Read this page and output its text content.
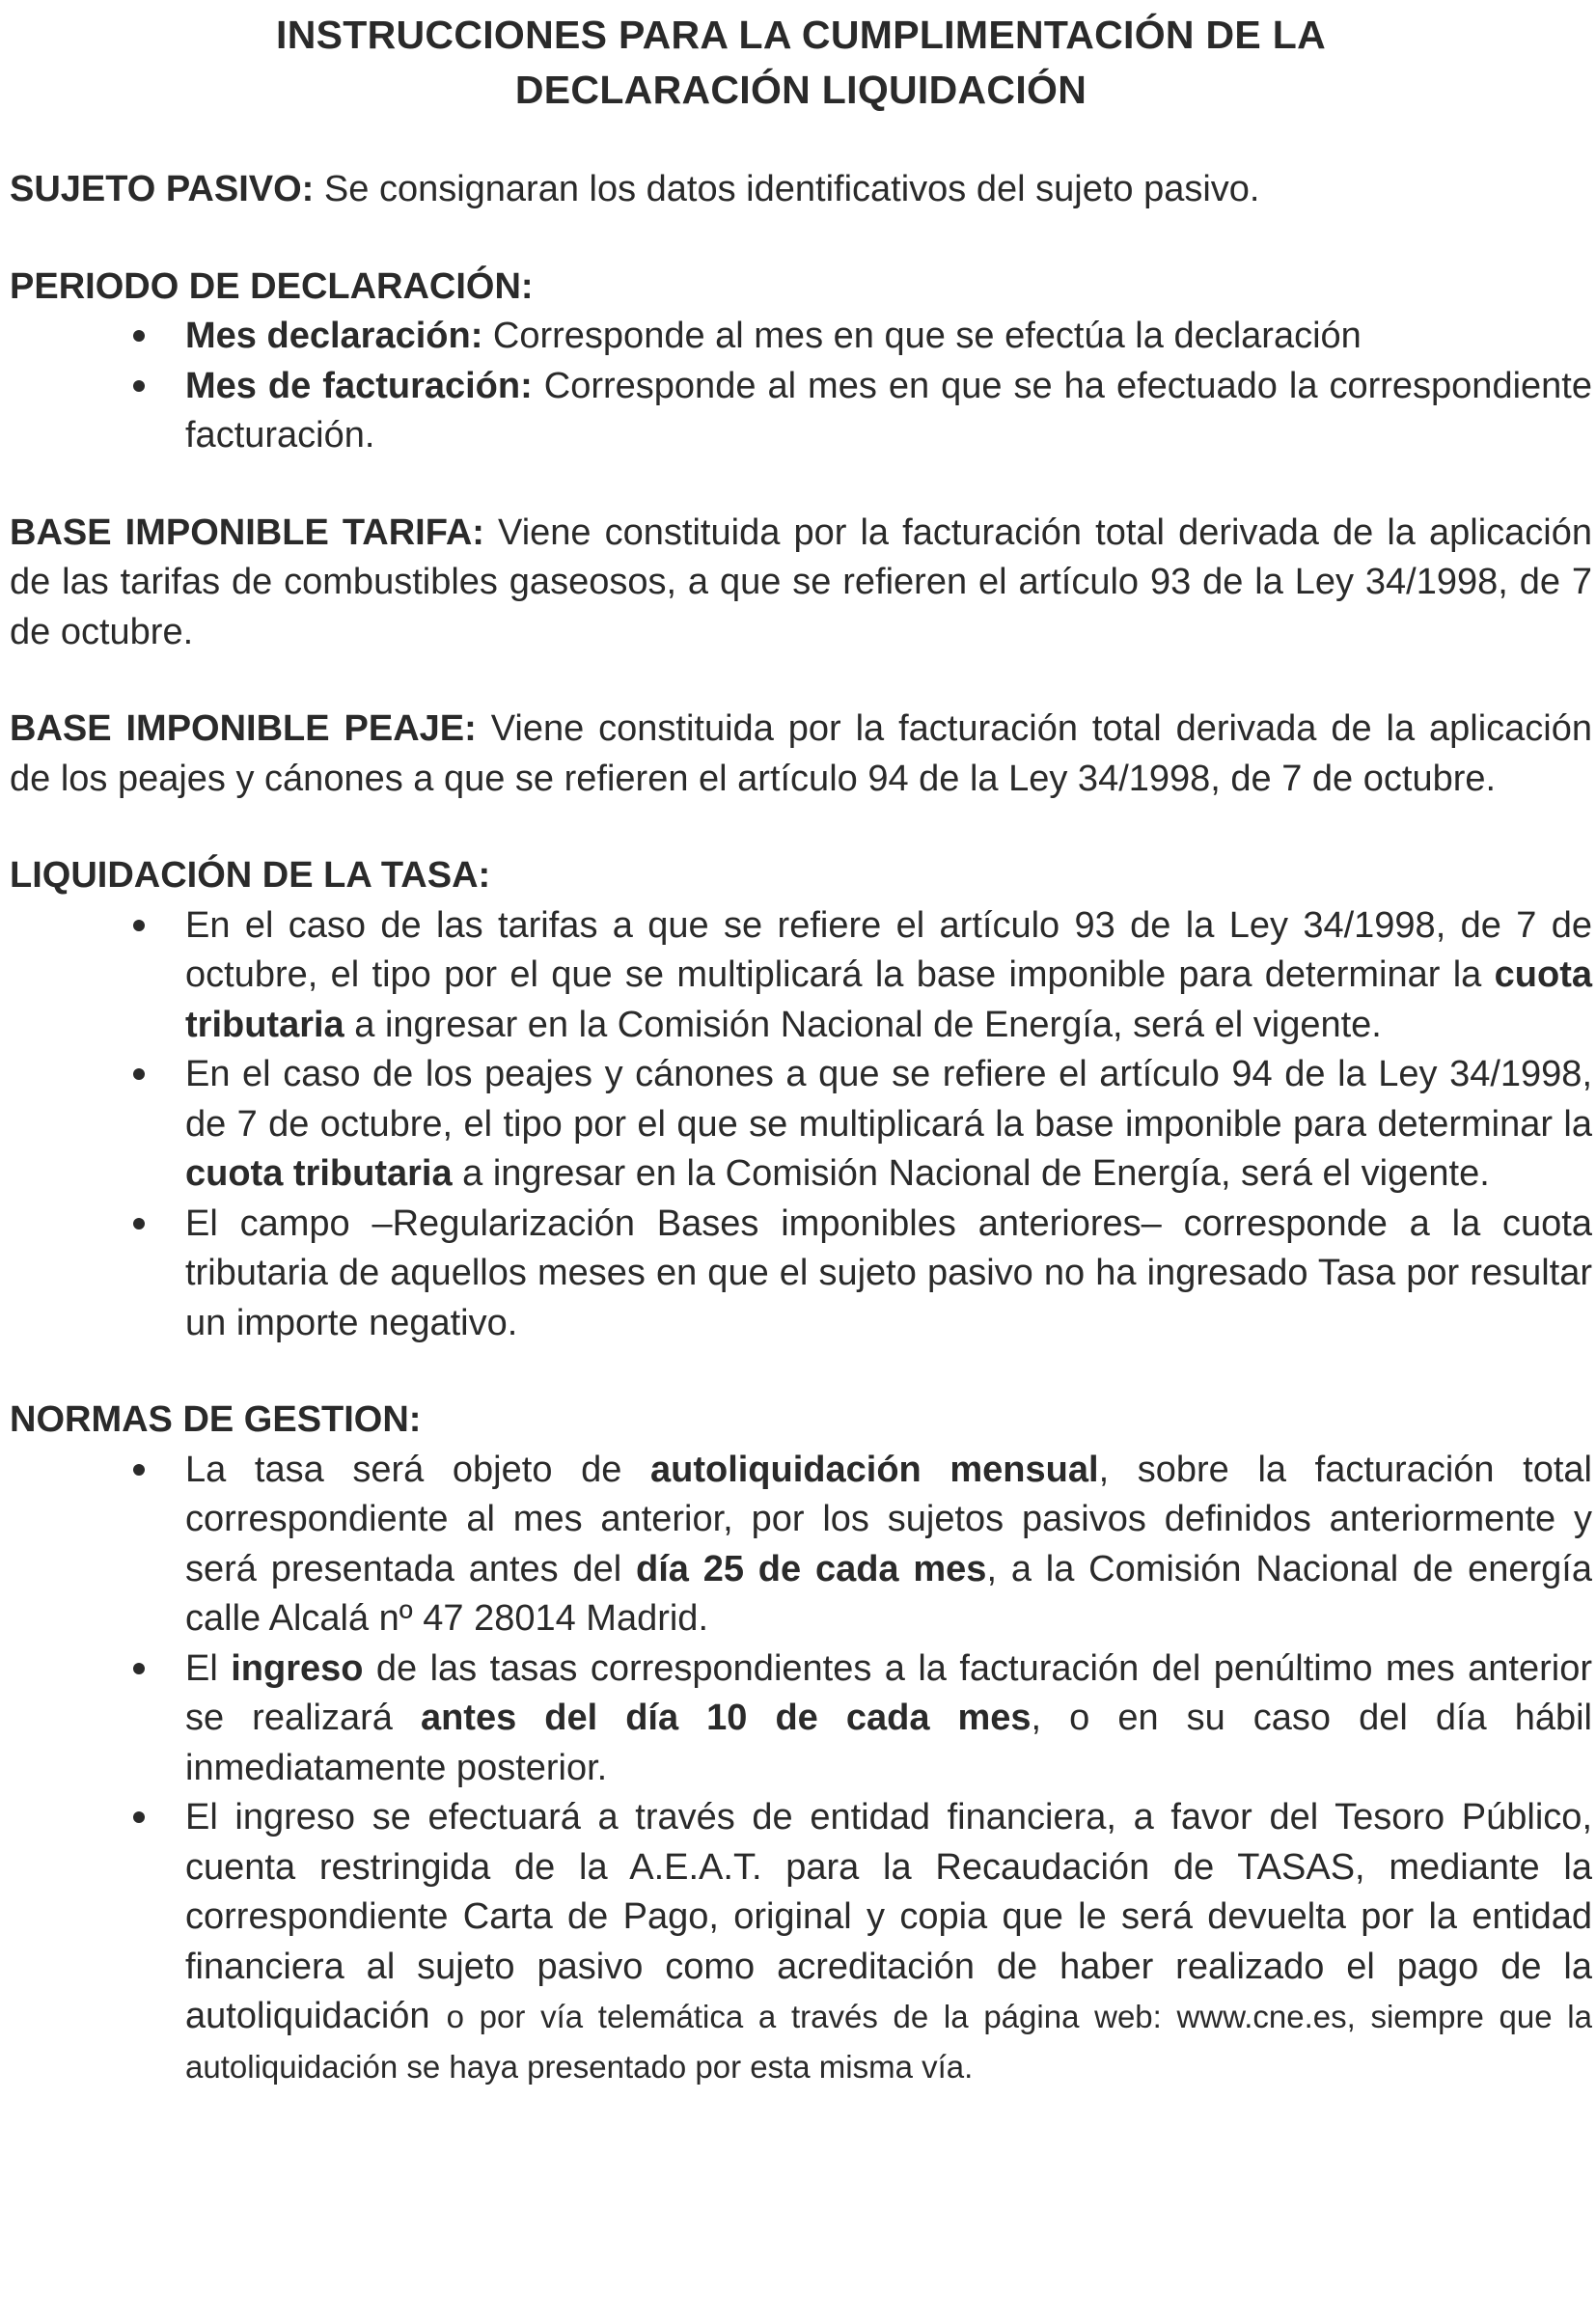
INSTRUCCIONES PARA LA CUMPLIMENTACIÓN DE LA
DECLARACIÓN LIQUIDACIÓN
SUJETO PASIVO: Se consignaran los datos identificativos del sujeto pasivo.
PERIODO DE DECLARACIÓN:
Mes declaración: Corresponde al mes en que se efectúa la declaración
Mes de facturación: Corresponde al mes en que se ha efectuado la correspondiente facturación.
BASE IMPONIBLE TARIFA: Viene constituida por la facturación total derivada de la aplicación de las tarifas de combustibles gaseosos, a que se refieren el artículo 93 de la Ley 34/1998, de 7 de octubre.
BASE IMPONIBLE PEAJE: Viene constituida por la facturación total derivada de la aplicación de los peajes y cánones a que se refieren el artículo 94 de la Ley 34/1998, de 7 de octubre.
LIQUIDACIÓN DE LA TASA:
En el caso de las tarifas a que se refiere el artículo 93 de la Ley 34/1998, de 7 de octubre, el tipo por el que se multiplicará la base imponible para determinar la cuota tributaria a ingresar en la Comisión Nacional de Energía, será el vigente.
En el caso de los peajes y cánones a que se refiere el artículo 94 de la Ley 34/1998, de 7 de octubre, el tipo por el que se multiplicará la base imponible para determinar la cuota tributaria a ingresar en la Comisión Nacional de Energía, será el vigente.
El campo –Regularización Bases imponibles anteriores– corresponde a la cuota tributaria de aquellos meses en que el sujeto pasivo no ha ingresado Tasa por resultar un importe negativo.
NORMAS DE GESTION:
La tasa será objeto de autoliquidación mensual, sobre la facturación total correspondiente al mes anterior, por los sujetos pasivos definidos anteriormente y será presentada antes del día 25 de cada mes, a la Comisión Nacional de energía calle Alcalá nº 47 28014 Madrid.
El ingreso de las tasas correspondientes a la facturación del penúltimo mes anterior se realizará antes del día 10 de cada mes, o en su caso del día hábil inmediatamente posterior.
El ingreso se efectuará a través de entidad financiera, a favor del Tesoro Público, cuenta restringida de la A.E.A.T. para la Recaudación de TASAS, mediante la correspondiente Carta de Pago, original y copia que le será devuelta por la entidad financiera al sujeto pasivo como acreditación de haber realizado el pago de la autoliquidación o por vía telemática a través de la página web: www.cne.es, siempre que la autoliquidación se haya presentado por esta misma vía.
